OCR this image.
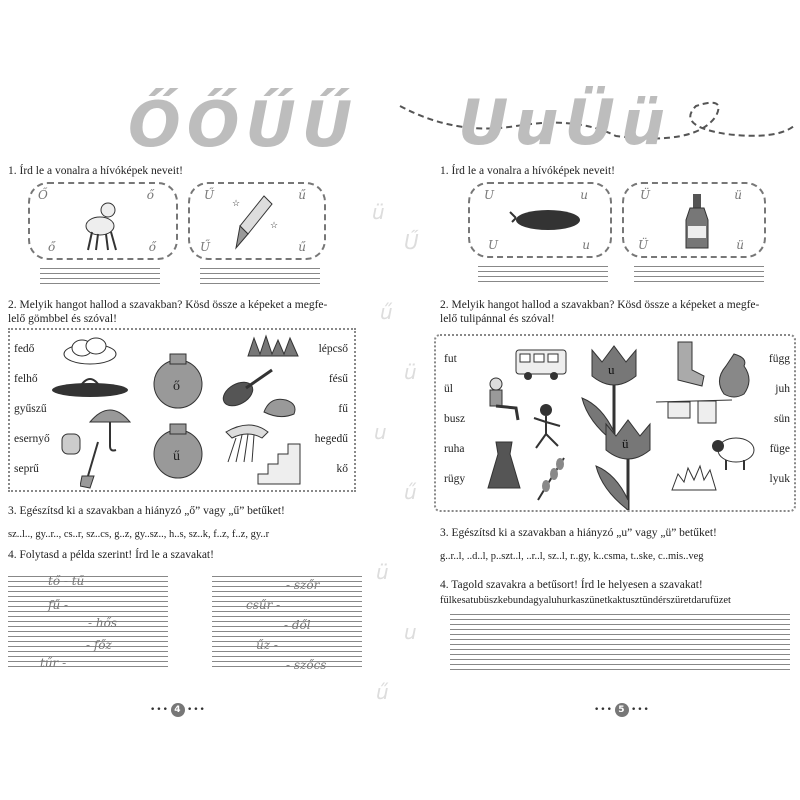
ŐŐŰŰ
1. Írd le a vonalra a hívóképek neveit!
Ő	ő
ő	ő
Ű	ű
Ű	ű
☆
☆
2. Melyik hangot hallod a szavakban? Kösd össze a képeket a megfe-
lelő gömbbel és szóval!
fedő
felhő
gyűszű
esernyő
seprű
lépcső
fésű
fű
hegedű
kő
ő
ű
3. Egészítsd ki a szavakban a hiányzó „ő” vagy „ű” betűket!
sz..l.., gy..r.., cs..r, sz..cs, g..z, gy..sz.., h..s, sz..k, f..z, f..z, gy..r
4. Folytasd a példa szerint! Írd le a szavakat!
tő - tű
fű -
- hős
- főz
tűr -
- szőr
csűr -
- dől
űz -
- szőcs
••• 4 •••
UuÜü
ü
Ű
ű
ü
u
ű
ü
u
ű
1. Írd le a vonalra a hívóképek neveit!
U	u
U	u
Ü	ü
Ü	ü
2. Melyik hangot hallod a szavakban? Kösd össze a képeket a megfe-
lelő tulipánnal és szóval!
fut
ül
busz
ruha
rügy
függ
juh
sün
füge
lyuk
u
ü
3. Egészítsd ki a szavakban a hiányzó „u” vagy „ü” betűket!
g..r..l, ..d..l, p..szt..l, ..r..l, sz..l, r..gy, k..csma, t..ske, c..mis..veg
4. Tagold szavakra a betűsort! Írd le helyesen a szavakat!
fülkesatubüszkebundagyaluhurkaszünetkaktusztündérszüretdarufüzet
••• 5 •••
